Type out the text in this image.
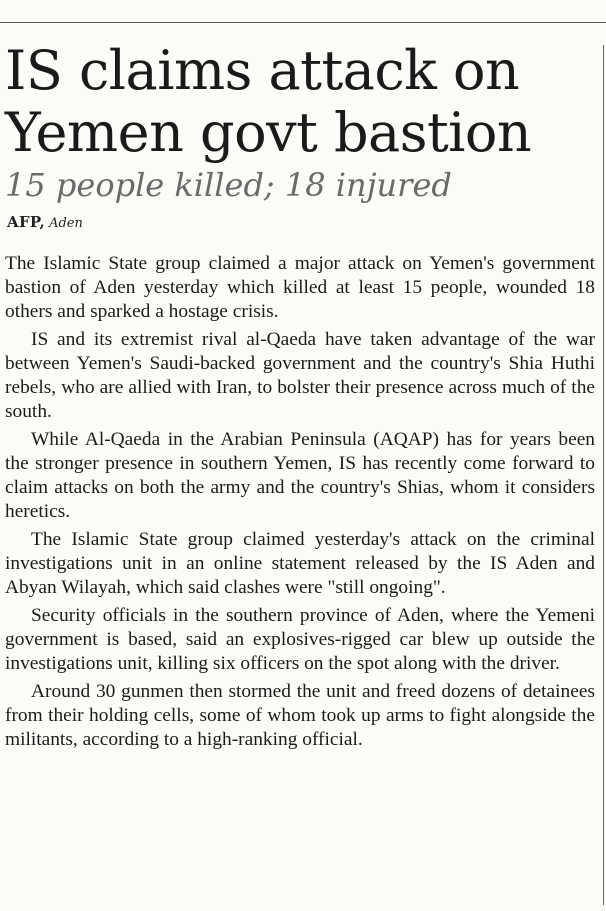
IS claims attack on
Yemen govt bastion
15 people killed; 18 injured
AFP, Aden

The Islamic State group claimed a major attack on Yemen's government bastion of Aden yesterday which killed at least 15 people, wounded 18 others and sparked a hostage crisis.

IS and its extremist rival al-Qaeda have taken advantage of the war between Yemen's Saudi-backed government and the country's Shia Huthi rebels, who are allied with Iran, to bolster their presence across much of the south.

While Al-Qaeda in the Arabian Peninsula (AQAP) has for years been the stronger presence in southern Yemen, IS has recently come forward to claim attacks on both the army and the country's Shias, whom it considers heretics.

The Islamic State group claimed yesterday's attack on the criminal investigations unit in an online statement released by the IS Aden and Abyan Wilayah, which said clashes were "still ongoing".

Security officials in the southern province of Aden, where the Yemeni government is based, said an explosives-rigged car blew up outside the investigations unit, killing six officers on the spot along with the driver.

Around 30 gunmen then stormed the unit and freed dozens of detainees from their holding cells, some of whom took up arms to fight alongside the militants, according to a high-ranking official.
